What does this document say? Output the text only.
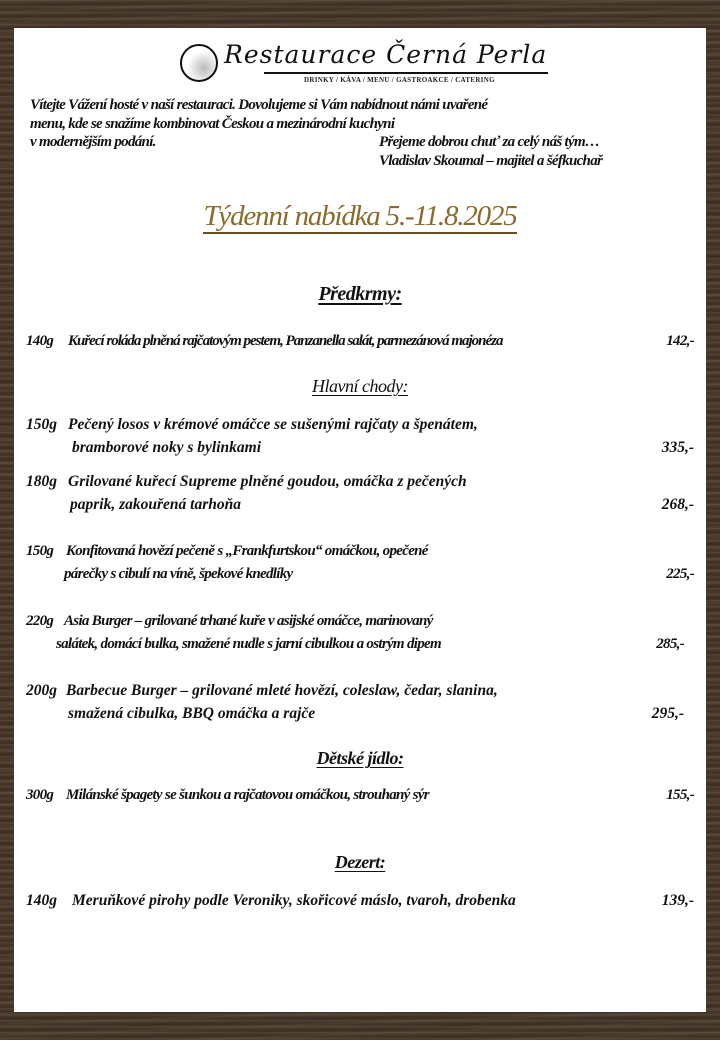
Restaurace Černá Perla
DRINKY / KÁVA / MENU / GASTROAKCE / CATERING
Vítejte Vážení hosté v naší restauraci. Dovolujeme si Vám nabídnout námi uvařené
menu, kde se snažíme kombinovat Českou a mezinárodní kuchyni
v modernějším podání.	Přejeme dobrou chuť za celý náš tým…
Vladislav Skoumal – majitel a šéfkuchař
Týdenní nabídka 5.-11.8.2025
Předkrmy:
140g Kuřecí roláda plněná rajčatovým pestem, Panzanella salát, parmezánová majonéza	142,-
Hlavní chody:
150g Pečený losos v krémové omáčce se sušenými rajčaty a špenátem,
bramborové noky s bylinkami	335,-
180g Grilované kuřecí Supreme plněné goudou, omáčka z pečených
paprik, zakouřená tarhoňa	268,-
150g Konfitovaná hovězí pečeně s „Frankfurtskou“ omáčkou, opečené
párečky s cibulí na víně, špekové knedlíky	225,-
220g Asia Burger – grilované trhané kuře v asijské omáčce, marinovaný
salátek, domácí bulka, smažené nudle s jarní cibulkou a ostrým dipem	285,-
200g Barbecue Burger – grilované mleté hovězí, coleslaw, čedar, slanina,
smažená cibulka, BBQ omáčka a rajče	295,-
Dětské jídlo:
300g Milánské špagety se šunkou a rajčatovou omáčkou, strouhaný sýr	155,-
Dezert:
140g Meruňkové pirohy podle Veroniky, skořicové máslo, tvaroh, drobenka	139,-
